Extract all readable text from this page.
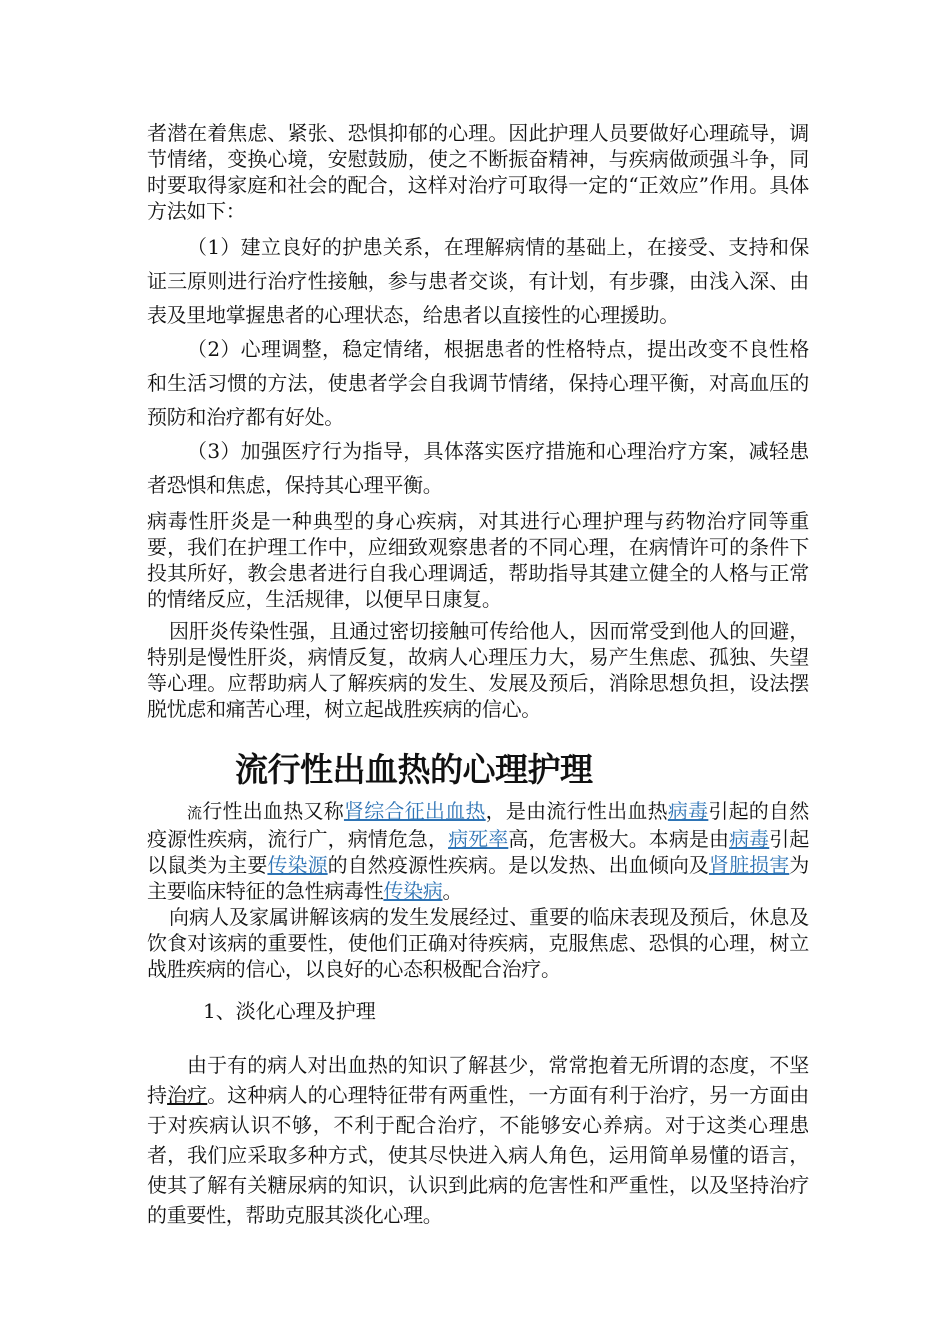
者潜在着焦虑、紧张、恐惧抑郁的心理。因此护理人员要做好心理疏导，调节情绪，变换心境，安慰鼓励，使之不断振奋精神，与疾病做顽强斗争，同时要取得家庭和社会的配合，这样对治疗可取得一定的“正效应”作用。具体方法如下：

（1）建立良好的护患关系，在理解病情的基础上，在接受、支持和保证三原则进行治疗性接触，参与患者交谈，有计划，有步骤，由浅入深、由表及里地掌握患者的心理状态，给患者以直接性的心理援助。

（2）心理调整，稳定情绪，根据患者的性格特点，提出改变不良性格和生活习惯的方法，使患者学会自我调节情绪，保持心理平衡，对高血压的预防和治疗都有好处。

（3）加强医疗行为指导，具体落实医疗措施和心理治疗方案，减轻患者恐惧和焦虑，保持其心理平衡。

病毒性肝炎是一种典型的身心疾病，对其进行心理护理与药物治疗同等重要，我们在护理工作中，应细致观察患者的不同心理，在病情许可的条件下投其所好，教会患者进行自我心理调适，帮助指导其建立健全的人格与正常的情绪反应，生活规律，以便早日康复。

因肝炎传染性强，且通过密切接触可传给他人，因而常受到他人的回避，特别是慢性肝炎，病情反复，故病人心理压力大，易产生焦虑、孤独、失望等心理。应帮助病人了解疾病的发生、发展及预后，消除思想负担，设法摆脱忧虑和痛苦心理，树立起战胜疾病的信心。

流行性出血热的心理护理

流行性出血热又称肾综合征出血热，是由流行性出血热病毒引起的自然疫源性疾病，流行广，病情危急，病死率高，危害极大。本病是由病毒引起以鼠类为主要传染源的自然疫源性疾病。是以发热、出血倾向及肾脏损害为主要临床特征的急性病毒性传染病。

向病人及家属讲解该病的发生发展经过、重要的临床表现及预后，休息及饮食对该病的重要性，使他们正确对待疾病，克服焦虑、恐惧的心理，树立战胜疾病的信心，以良好的心态积极配合治疗。

1、淡化心理及护理

由于有的病人对出血热的知识了解甚少，常常抱着无所谓的态度，不坚持治疗。这种病人的心理特征带有两重性，一方面有利于治疗，另一方面由于对疾病认识不够，不利于配合治疗，不能够安心养病。对于这类心理患者，我们应采取多种方式，使其尽快进入病人角色，运用简单易懂的语言，使其了解有关糖尿病的知识，认识到此病的危害性和严重性，以及坚持治疗的重要性，帮助克服其淡化心理。
